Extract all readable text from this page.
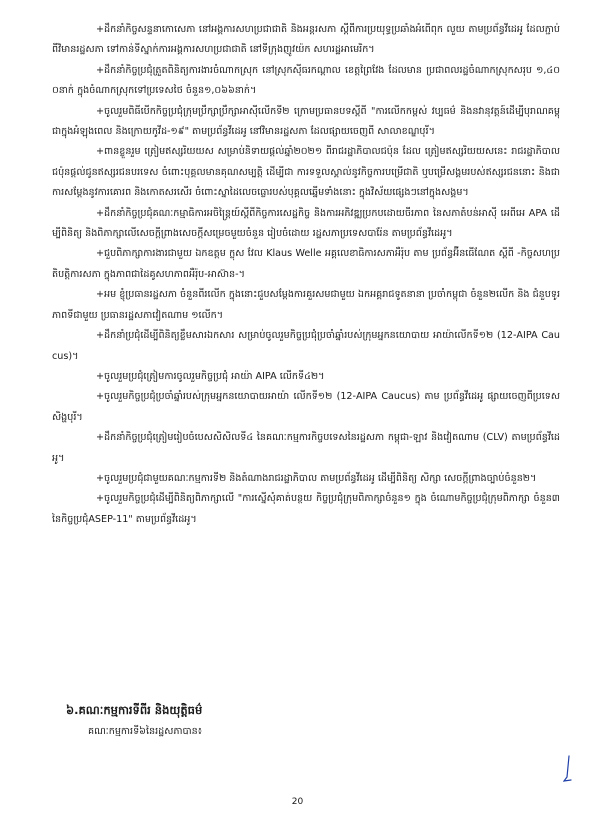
+ដឹកនាំកិច្ចសន្ទនាកោសេភា នៅអង្គការសហប្រជាជាតិ និងអន្តរសភា ស្តីពីការប្រយុទ្ធប្រឆាំងអំពើពុក លួយ តាមប្រព័ន្ធវីដេអូ ដែលភ្ជាប់ពីវិមានរដ្ឋសភា ទៅកាន់ទីស្នាក់ការអង្គការសហប្រជាជាតិ នៅទីក្រុងញូវយ៉ក សហរដ្ឋអាមេរិក។

+ដឹកនាំកិច្ចប្រជុំត្រួតពិនិត្យការងារចំណាកស្រុក នៅស្រុកស៊ីធរកណ្ដាល ខេត្តព្រៃវែង ដែលមាន ប្រជាពលរដ្ឋចំណាកស្រុកសរុប ១,៤០០នាក់ ក្នុងចំណាកស្រុកទៅប្រទេសថៃ ចំនួន១,០៦៦នាក់។

+ចូលរួមពិធីបើកកិច្ចប្រជុំក្រុមប្រឹក្សាប្រឹក្សាអាស៊ីលើកទី២ ក្រោមប្រធានបទស្តីពី "ការលើកកម្ពស់ វប្បធម៌ និងនវានុវត្តន៍ដើម្បីបុរាណគម្ពុជាក្នុងអំឡុងពេល និងក្រោយកូវីដ-១៩" តាមប្រព័ន្ធវីដេអូ នៅវិមានរដ្ឋសភា ដែលផ្សាយចេញពី សាលាខណ្ឌបុរី។

+ពានខ្លួនរួម ត្រៀមឥស្សរិយយស សម្រាប់និទាយផ្ដល់ឆ្នាំ២០២១ ពីរាជរដ្ឋាភិបាលជប៉ុន ដែល ត្រៀមឥស្សរិយយសនេះ រាជរដ្ឋាភិបាលជប៉ុនផ្តល់ជូនឥស្សរជនបរទេស ចំពោះបុគ្គលមានគុណសម្បត្តិ ដើម្បីជា ការទទួលស្គាល់នូវកិច្ចការបម្រើជាតិ ឬបម្រើសង្គមរបស់ឥស្សរជននោះ និងជាការសម្ដែងនូវការគោរព និងកោតសរសើរ ចំពោះស្នាដៃលេចធ្លោរបស់បុគ្គលឆ្នើមទាំងនោះ ក្នុងវិស័យផ្សេងៗនៅក្នុងសង្គម។

+ដឹកនាំកិច្ចប្រជុំគណៈកម្មាធិការអចិន្ត្រៃយ៍ស្តីពីកិច្ចការសេដ្ឋកិច្ច និងការអភិវឌ្ឍប្រកបដោយចីរភាព នៃសភាតំបន់អាស៊ី អេពីអេ APA ដើម្បីពិនិត្យ និងពិភាក្សាលើសេចក្តីព្រាងសេចក្តីសម្រេចមួយចំនួន រៀបចំដោយ រដ្ឋសភាប្រទេសបារ៉ែន តាមប្រព័ន្ធវីដេអូ។

+ជួបពិភាក្សាការងារជាមួយ ឯកឧត្តម ក្លុស វែល Klaus Welle អគ្គលេខាធិការសភាអឺរ៉ុប តាម ប្រព័ន្ធអ៊ីនធើណែត ស្តីពី -កិច្ចសហប្រតិបត្តិការសភា ក្នុងភាពជាដៃគូសហភាពអឺរ៉ុប-អាស៊ាន-។

+អម ខ្ញុំប្រធានរដ្ឋសភា ចំនួនពីរលើក ក្នុងនោះជួបសម្ដែងការគួរសមជាមួយ ឯកអគ្គរាជទូតនានា ប្រចាំកម្ពុជា ចំនួន២លើក និង ជំនួបទូរភាពទីជាមួយ ប្រធានរដ្ឋសភាវៀតណាម ១លើក។

+ដឹកនាំប្រជុំដើម្បីពិនិត្យខ្លឹមសារឯកសារ សម្រាប់ចូលរួមកិច្ចប្រជុំប្រចាំឆ្នាំរបស់ក្រុមអ្នកនយោបាយ អាយ៉ាលើកទី១២ (12-AIPA Caucus)។

+ចូលរួមប្រជុំត្រៀមការចូលរួមកិច្ចប្រជុំ អាយ៉ា AIPA លើកទី៤២។

+ចូលរួមកិច្ចប្រជុំប្រចាំឆ្នាំរបស់ក្រុមអ្នកនយោបាយអាយ៉ា លើកទី១២ (12-AIPA Caucus) តាម ប្រព័ន្ធវីដេអូ ផ្សាយចេញពីប្រទេសសិង្ហបុរី។

+ដឹកនាំកិច្ចប្រជុំត្រៀមរៀបចំបេសសិសិលទី៤ នៃគណៈកម្មការកិច្ចបទេសនៃរដ្ឋសភា កម្ពុជា-ឡាវ និងវៀតណាម (CLV) តាមប្រព័ន្ធវីដេអូ។

+ចូលរួមប្រជុំជាមួយគណៈកម្មការទី២ និងតំណាងរាជរដ្ឋាភិបាល តាមប្រព័ន្ធវីដេអូ ដើម្បីពិនិត្យ សិក្សា សេចក្តីព្រាងច្បាប់ចំនួន២។

+ចូលរួមកិច្ចប្រជុំដើម្បីពិនិត្យពិភាក្សាលើ "ការស្នើសុំគាត់បន្ថយ កិច្ចប្រជុំក្រុមពិភាក្សាចំនួន១ ក្នុង ចំណោមកិច្ចប្រជុំក្រុមពិភាក្សា ចំនួន៣ នៃកិច្ចប្រជុំASEP-11" តាមប្រព័ន្ធវីដេអូ។

៦.គណៈកម្មការទីពីរ និងយុត្តិធម៌

គណៈកម្មការទី៦នៃរដ្ឋសភាបាន៖

20
